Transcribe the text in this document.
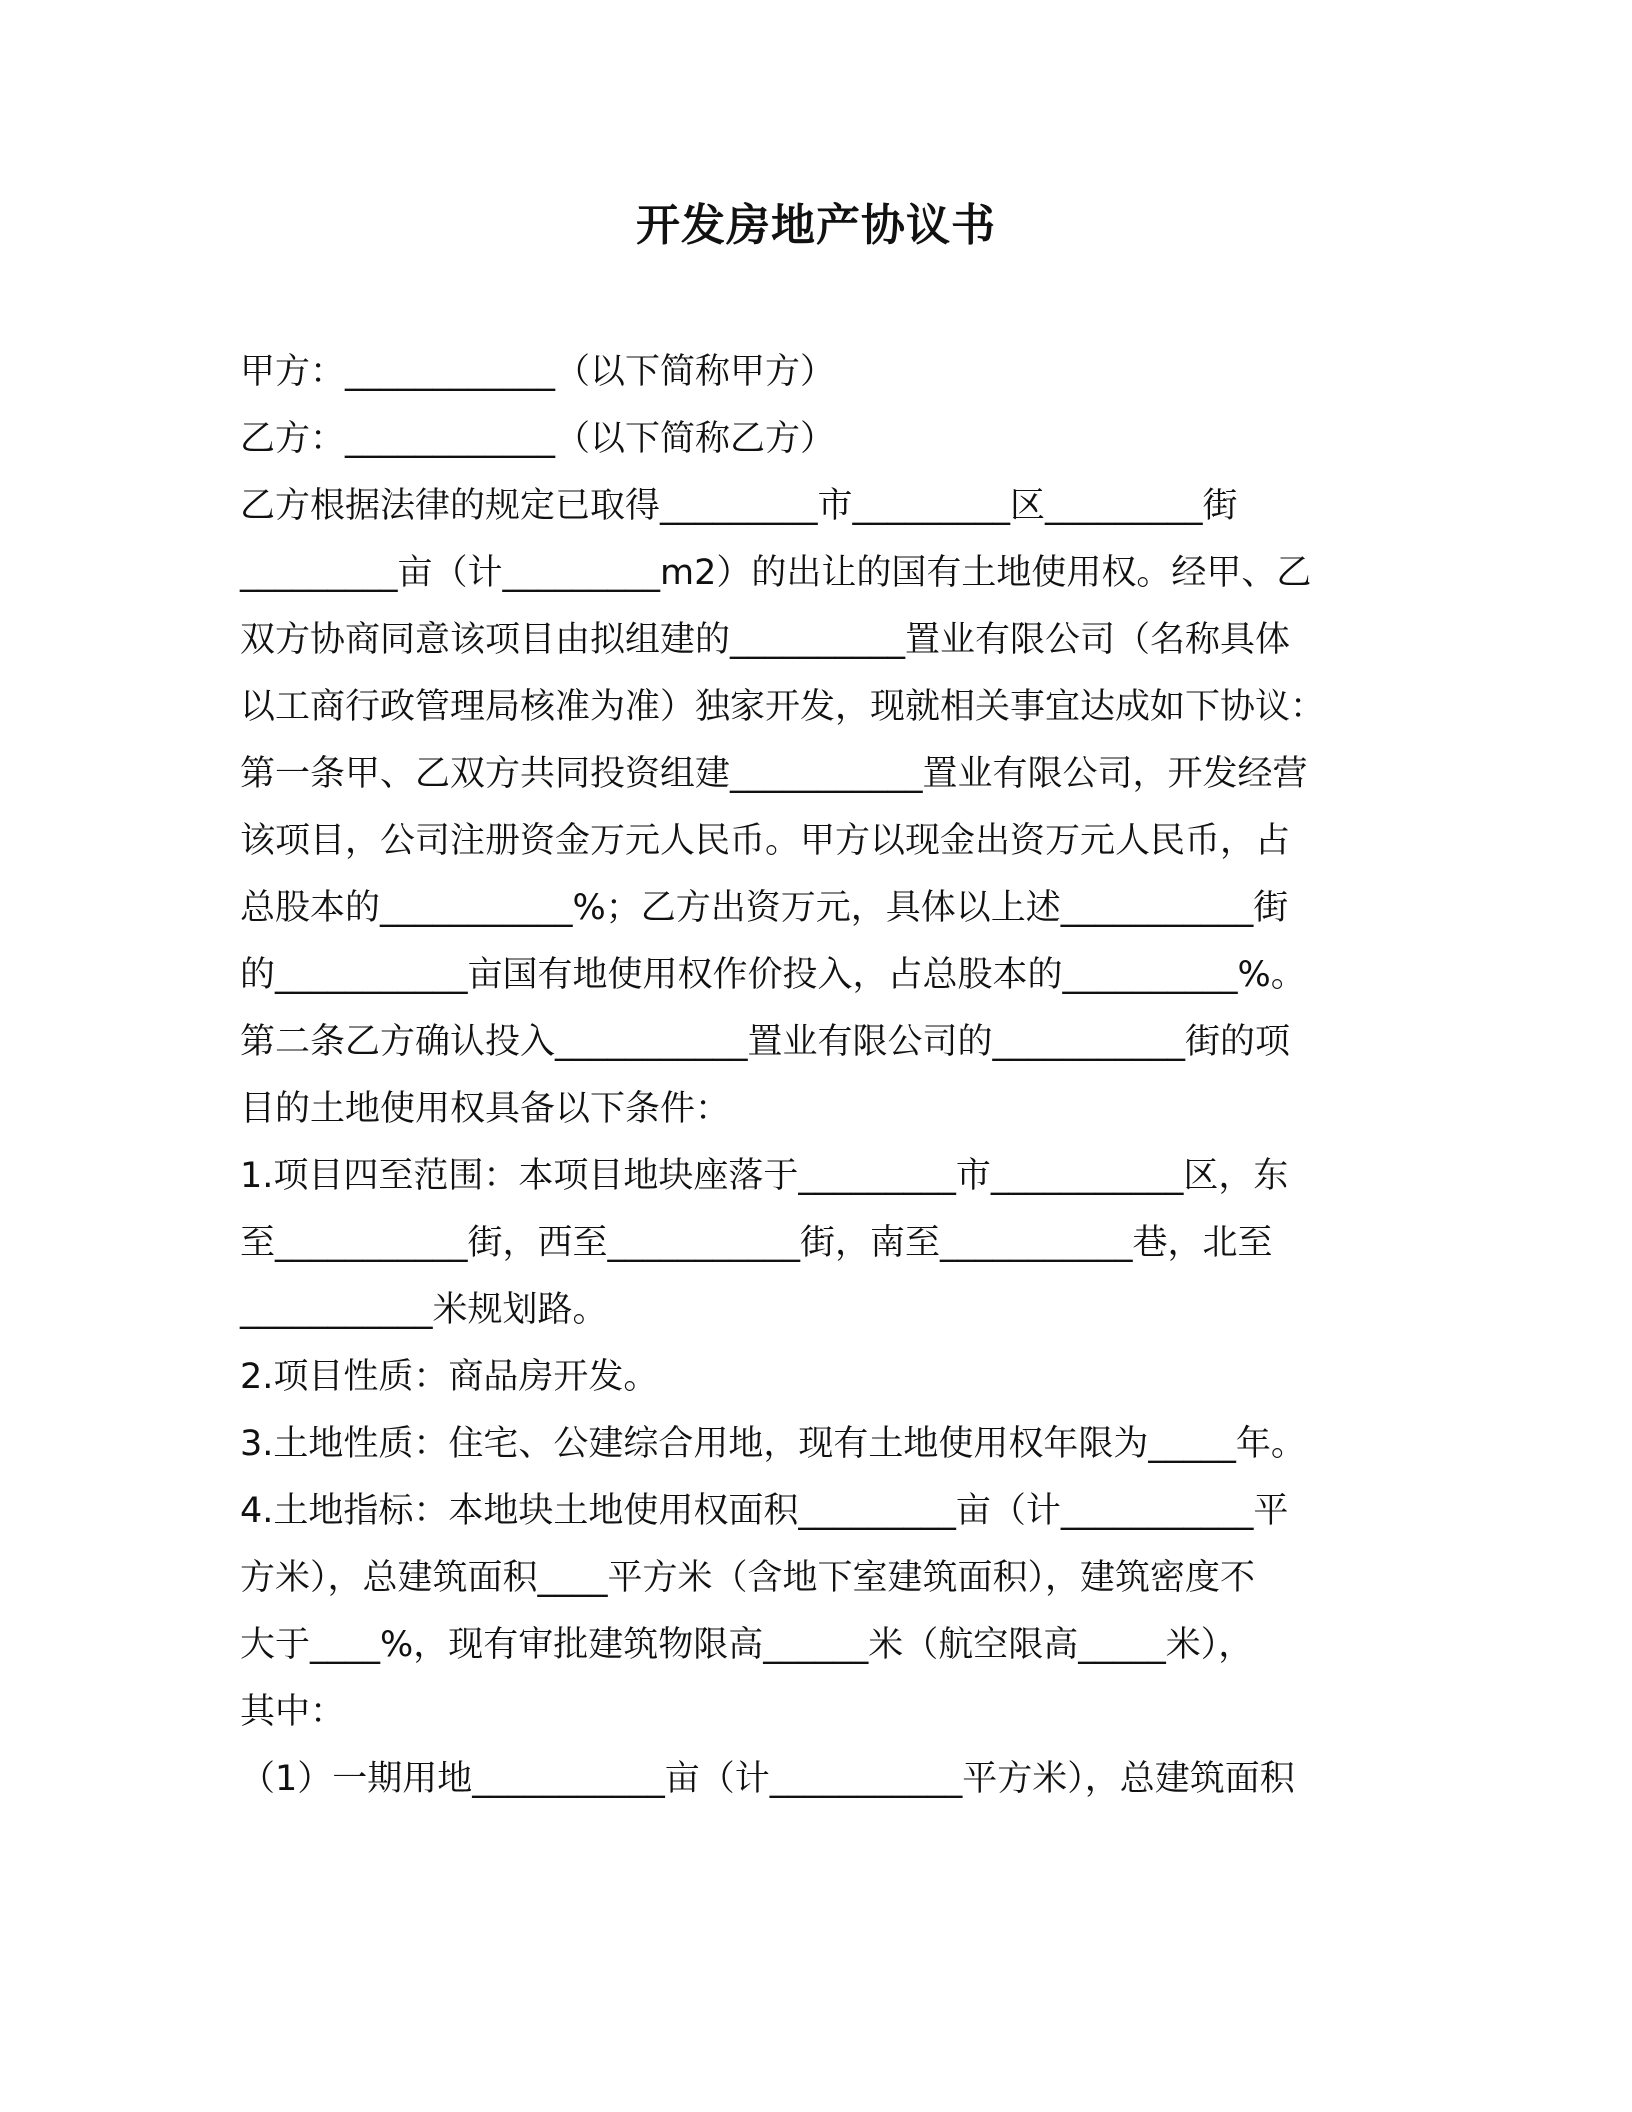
开发房地产协议书
甲方：____________（以下简称甲方）
乙方：____________（以下简称乙方）
乙方根据法律的规定已取得_________市_________区_________街
_________亩（计_________m2）的出让的国有土地使用权。经甲、乙
双方协商同意该项目由拟组建的__________置业有限公司（名称具体
以工商行政管理局核准为准）独家开发，现就相关事宜达成如下协议：
第一条甲、乙双方共同投资组建___________置业有限公司，开发经营
该项目，公司注册资金万元人民币。甲方以现金出资万元人民币，占
总股本的___________%；乙方出资万元，具体以上述___________街
的___________亩国有地使用权作价投入，占总股本的__________%。
第二条乙方确认投入___________置业有限公司的___________街的项
目的土地使用权具备以下条件：
1.项目四至范围：本项目地块座落于_________市___________区，东
至___________街，西至___________街，南至___________巷，北至
___________米规划路。
2.项目性质：商品房开发。
3.土地性质：住宅、公建综合用地，现有土地使用权年限为_____年。
4.土地指标：本地块土地使用权面积_________亩（计___________平
方米），总建筑面积____平方米（含地下室建筑面积），建筑密度不
大于____%，现有审批建筑物限高______米（航空限高_____米），
其中：
（1）一期用地___________亩（计___________平方米），总建筑面积
